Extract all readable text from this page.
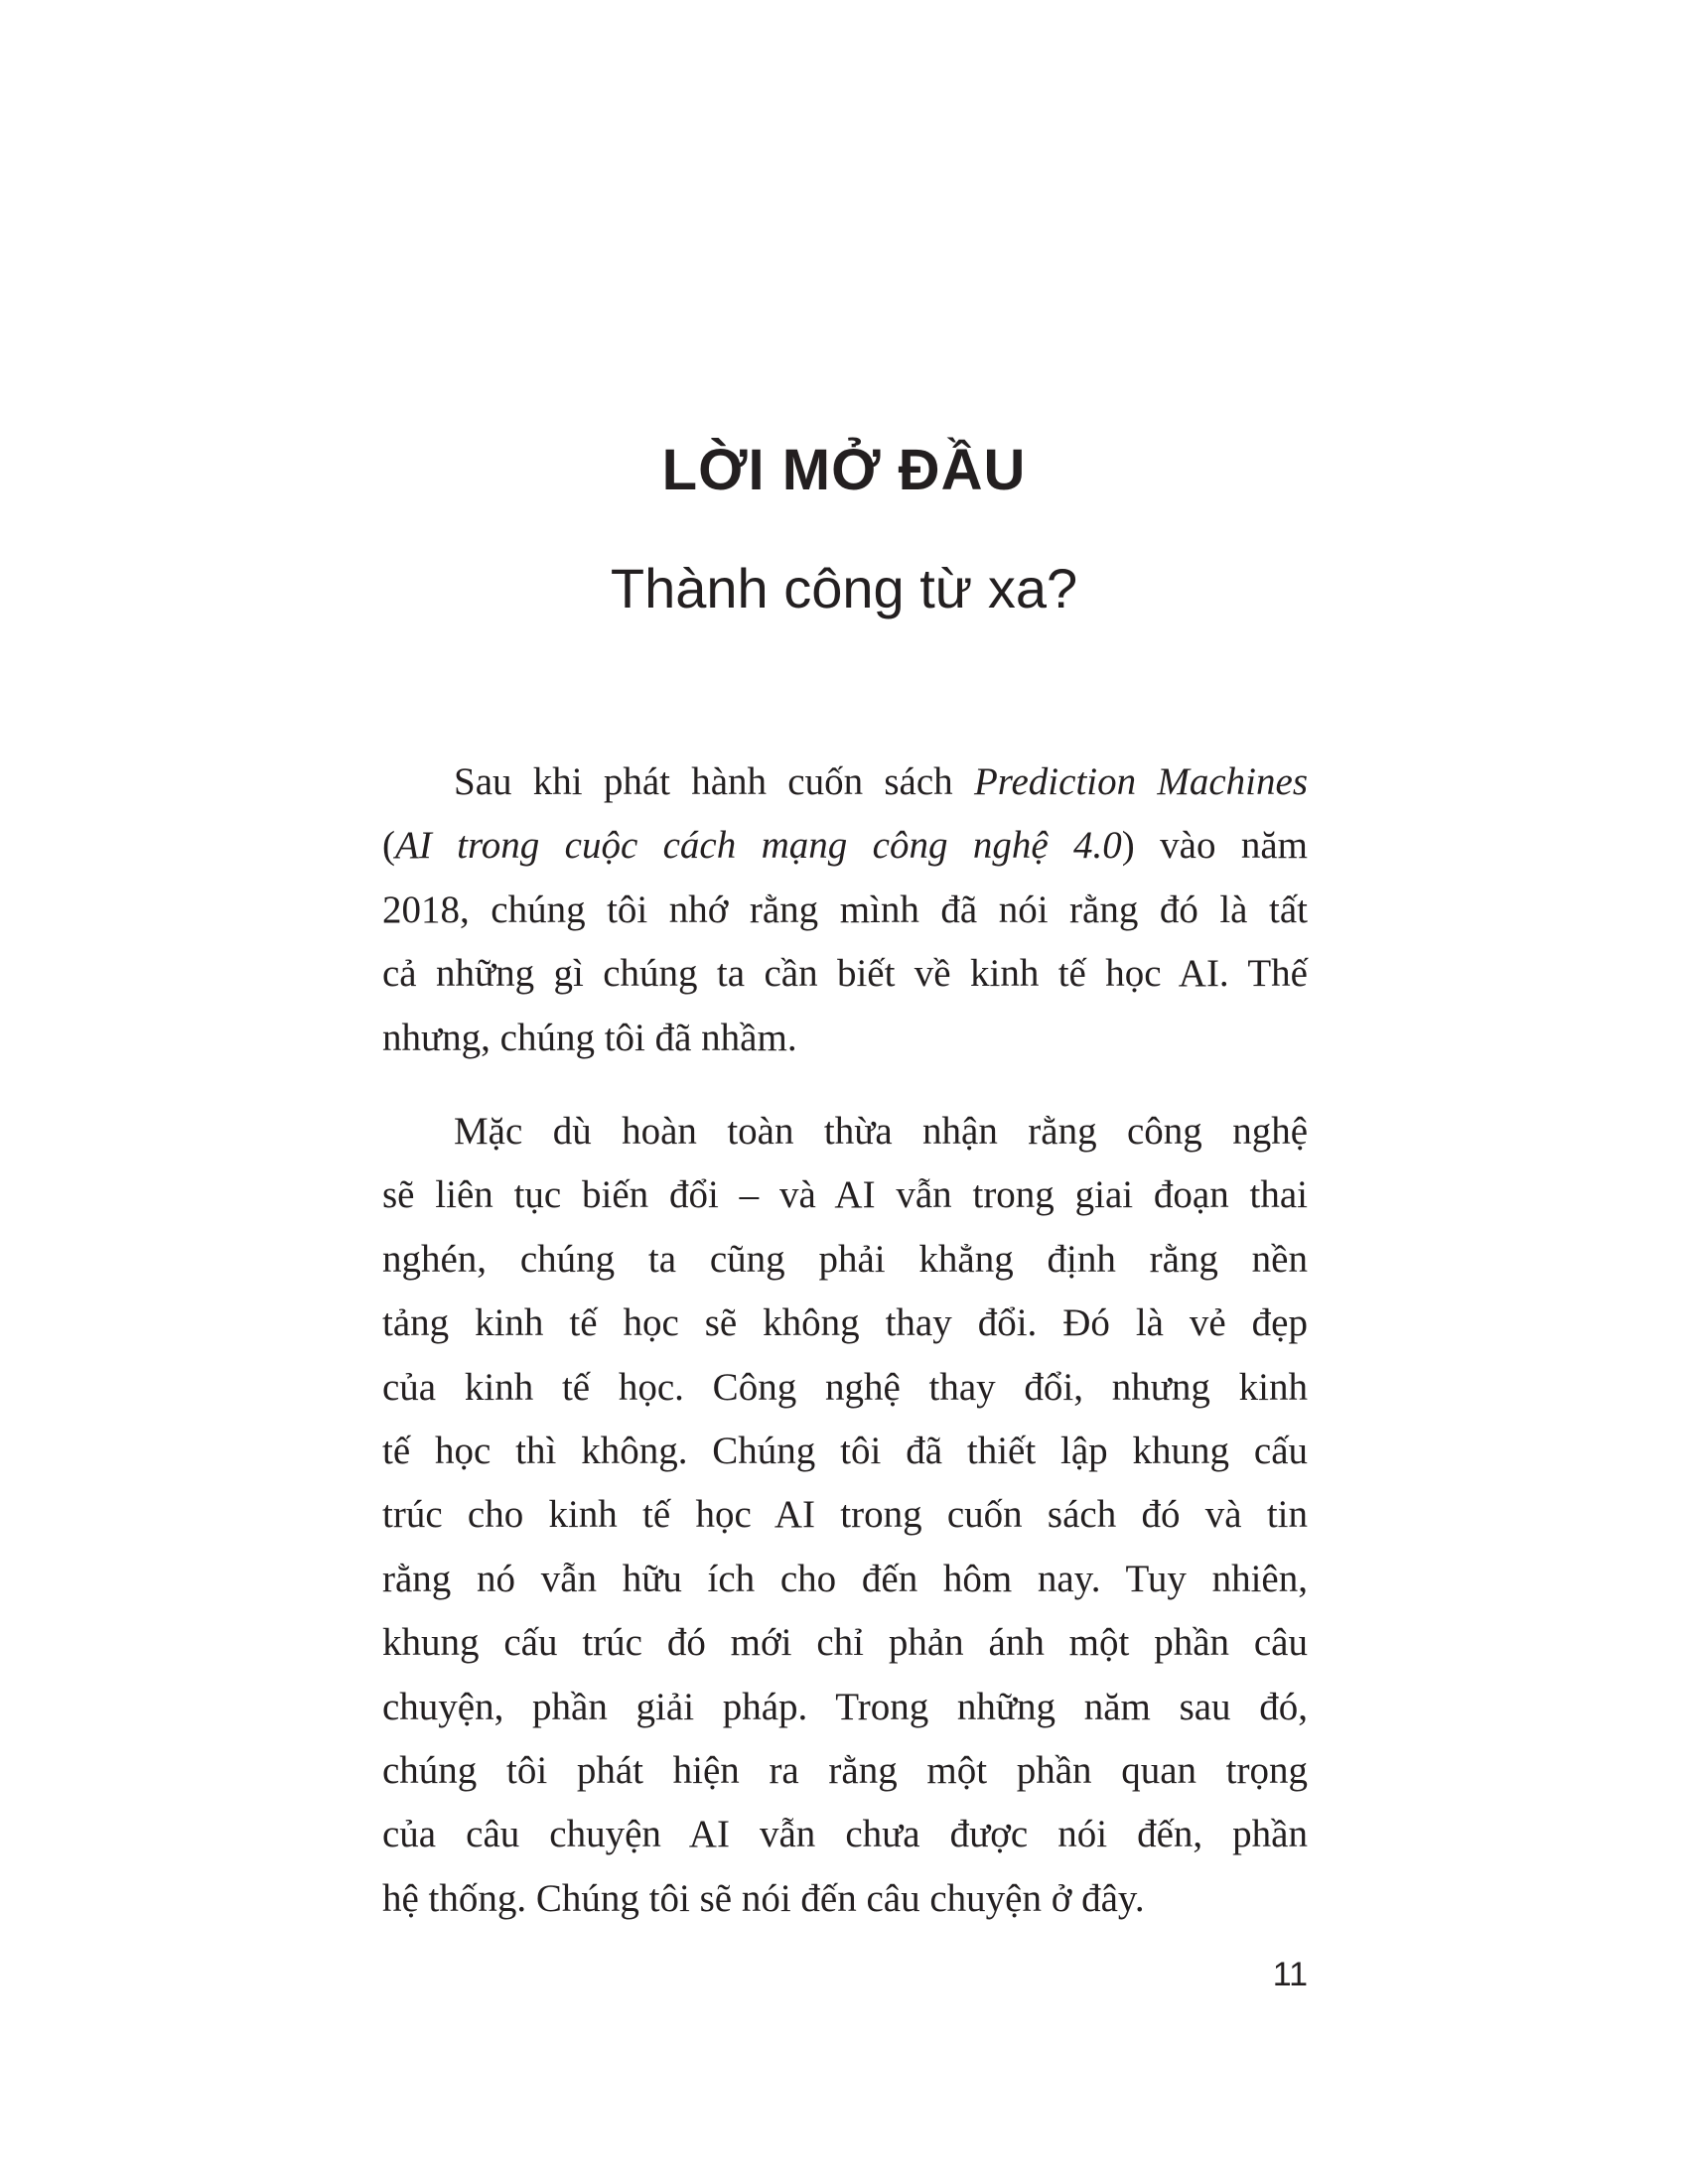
LỜI MỞ ĐẦU
Thành công từ xa?
Sau khi phát hành cuốn sách Prediction Machines
(AI trong cuộc cách mạng công nghệ 4.0) vào năm
2018, chúng tôi nhớ rằng mình đã nói rằng đó là tất
cả những gì chúng ta cần biết về kinh tế học AI. Thế
nhưng, chúng tôi đã nhầm.
Mặc dù hoàn toàn thừa nhận rằng công nghệ
sẽ liên tục biến đổi – và AI vẫn trong giai đoạn thai
nghén, chúng ta cũng phải khẳng định rằng nền
tảng kinh tế học sẽ không thay đổi. Đó là vẻ đẹp
của kinh tế học. Công nghệ thay đổi, nhưng kinh
tế học thì không. Chúng tôi đã thiết lập khung cấu
trúc cho kinh tế học AI trong cuốn sách đó và tin
rằng nó vẫn hữu ích cho đến hôm nay. Tuy nhiên,
khung cấu trúc đó mới chỉ phản ánh một phần câu
chuyện, phần giải pháp. Trong những năm sau đó,
chúng tôi phát hiện ra rằng một phần quan trọng
của câu chuyện AI vẫn chưa được nói đến, phần
hệ thống. Chúng tôi sẽ nói đến câu chuyện ở đây.
11
